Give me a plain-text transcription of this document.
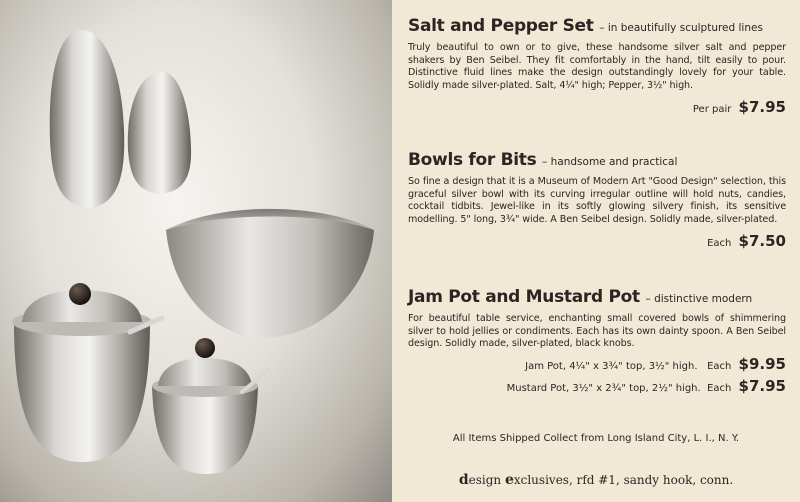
Salt and Pepper Set – in beautifully sculptured lines
Truly beautiful to own or to give, these handsome silver salt and pepper shakers by Ben Seibel. They fit comfortably in the hand, tilt easily to pour. Distinctive fluid lines make the design outstandingly lovely for your table. Solidly made silver-plated. Salt, 4¼" high; Pepper, 3½" high.
Per pair $7.95
Bowls for Bits – handsome and practical
So fine a design that it is a Museum of Modern Art "Good Design" selection, this graceful silver bowl with its curving irregular outline will hold nuts, candies, cocktail tidbits. Jewel-like in its softly glowing silvery finish, its sensitive modelling. 5" long, 3¾" wide. A Ben Seibel design. Solidly made, silver-plated.
Each $7.50
Jam Pot and Mustard Pot – distinctive modern
For beautiful table service, enchanting small covered bowls of shimmering silver to hold jellies or condiments. Each has its own dainty spoon. A Ben Seibel design. Solidly made, silver-plated, black knobs.
Jam Pot, 4¼" x 3¾" top, 3½" high. Each $9.95
Mustard Pot, 3½" x 2¾" top, 2½" high. Each $7.95
All Items Shipped Collect from Long Island City, L. I., N. Y.
design exclusives, rfd #1, sandy hook, conn.
